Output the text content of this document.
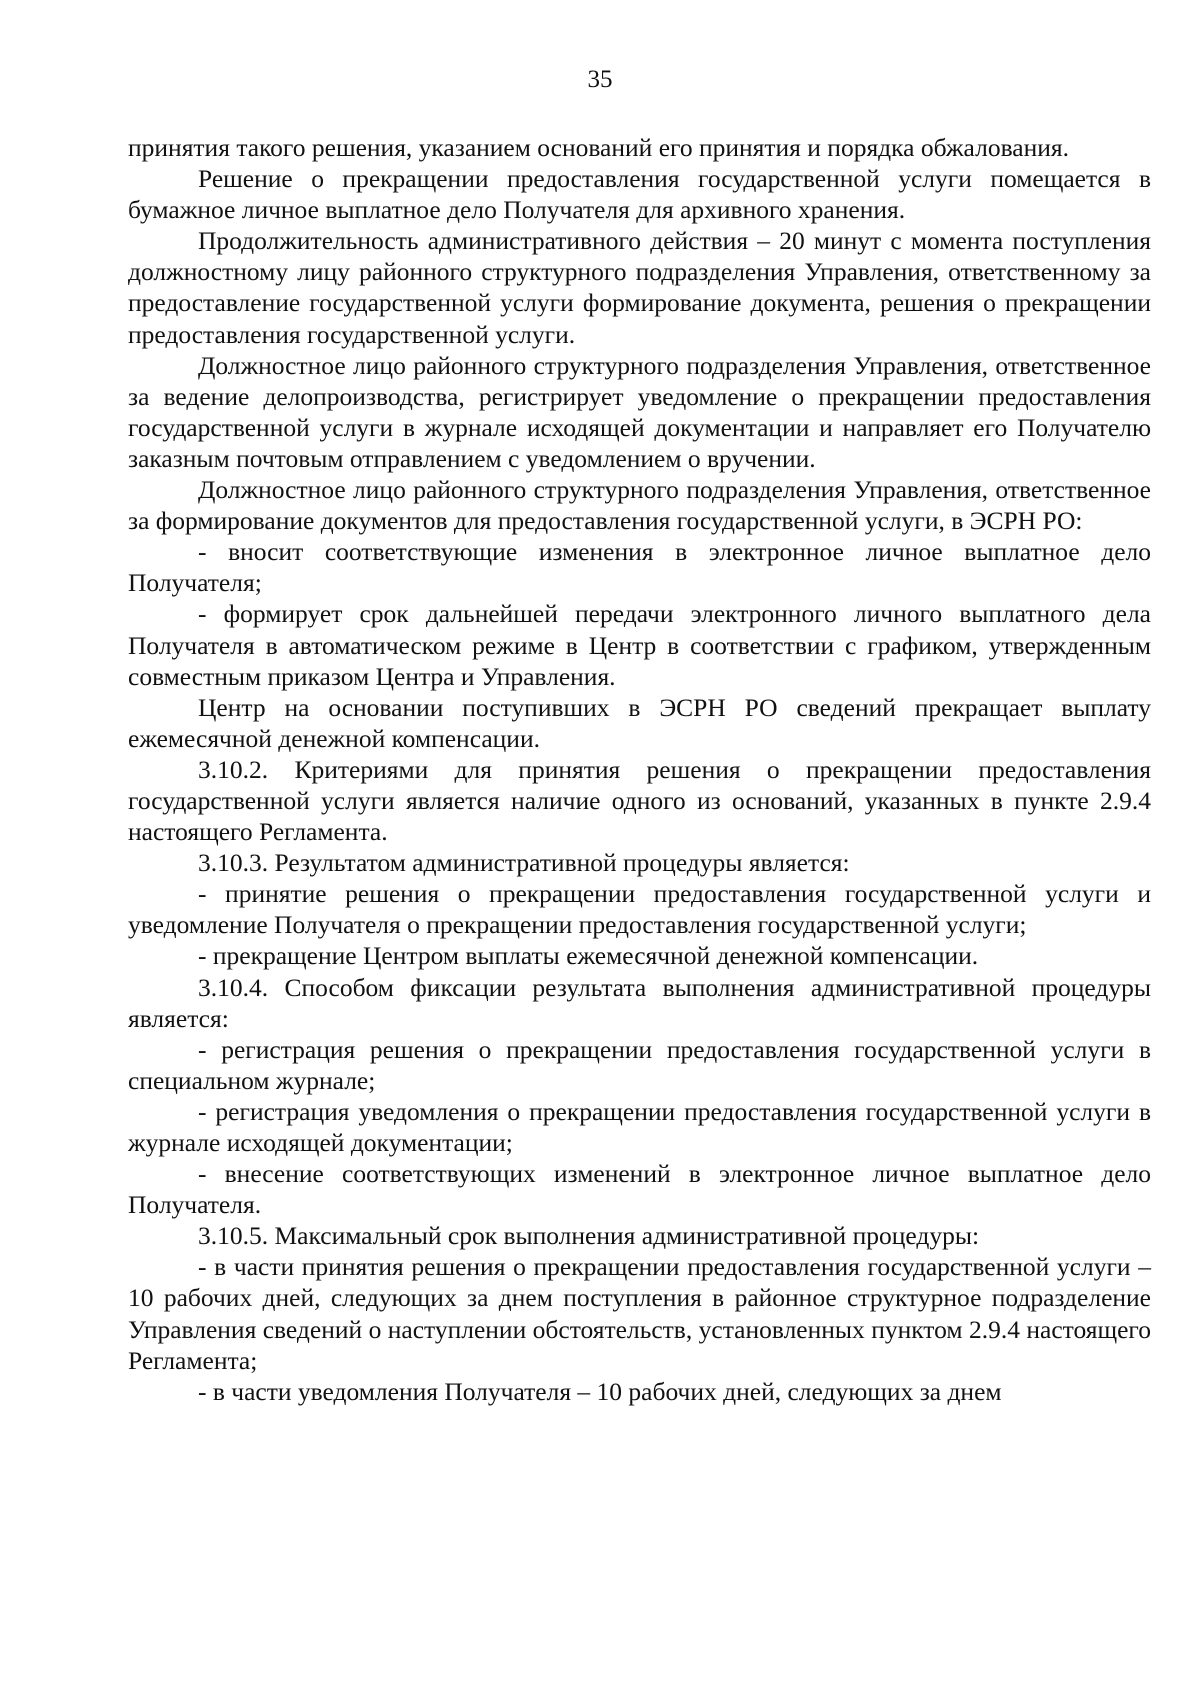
35

принятия такого решения, указанием оснований его принятия и порядка обжалования.

Решение о прекращении предоставления государственной услуги помещается в бумажное личное выплатное дело Получателя для архивного хранения.

Продолжительность административного действия – 20 минут с момента поступления должностному лицу районного структурного подразделения Управления, ответственному за предоставление государственной услуги формирование документа, решения о прекращении предоставления государственной услуги.

Должностное лицо районного структурного подразделения Управления, ответственное за ведение делопроизводства, регистрирует уведомление о прекращении предоставления государственной услуги в журнале исходящей документации и направляет его Получателю заказным почтовым отправлением с уведомлением о вручении.

Должностное лицо районного структурного подразделения Управления, ответственное за формирование документов для предоставления государственной услуги, в ЭСРН РО:

- вносит соответствующие изменения в электронное личное выплатное дело Получателя;

- формирует срок дальнейшей передачи электронного личного выплатного дела Получателя в автоматическом режиме в Центр в соответствии с графиком, утвержденным совместным приказом Центра и Управления.

Центр на основании поступивших в ЭСРН РО сведений прекращает выплату ежемесячной денежной компенсации.

3.10.2. Критериями для принятия решения о прекращении предоставления государственной услуги является наличие одного из оснований, указанных в пункте 2.9.4 настоящего Регламента.

3.10.3. Результатом административной процедуры является:

- принятие решения о прекращении предоставления государственной услуги и уведомление Получателя о прекращении предоставления государственной услуги;

- прекращение Центром выплаты ежемесячной денежной компенсации.

3.10.4. Способом фиксации результата выполнения административной процедуры является:

- регистрация решения о прекращении предоставления государственной услуги в специальном журнале;

- регистрация уведомления о прекращении предоставления государственной услуги в журнале исходящей документации;

- внесение соответствующих изменений в электронное личное выплатное дело Получателя.

3.10.5. Максимальный срок выполнения административной процедуры:

- в части принятия решения о прекращении предоставления государственной услуги – 10 рабочих дней, следующих за днем поступления в районное структурное подразделение Управления сведений о наступлении обстоятельств, установленных пунктом 2.9.4 настоящего Регламента;

- в части уведомления Получателя – 10 рабочих дней, следующих за днем
